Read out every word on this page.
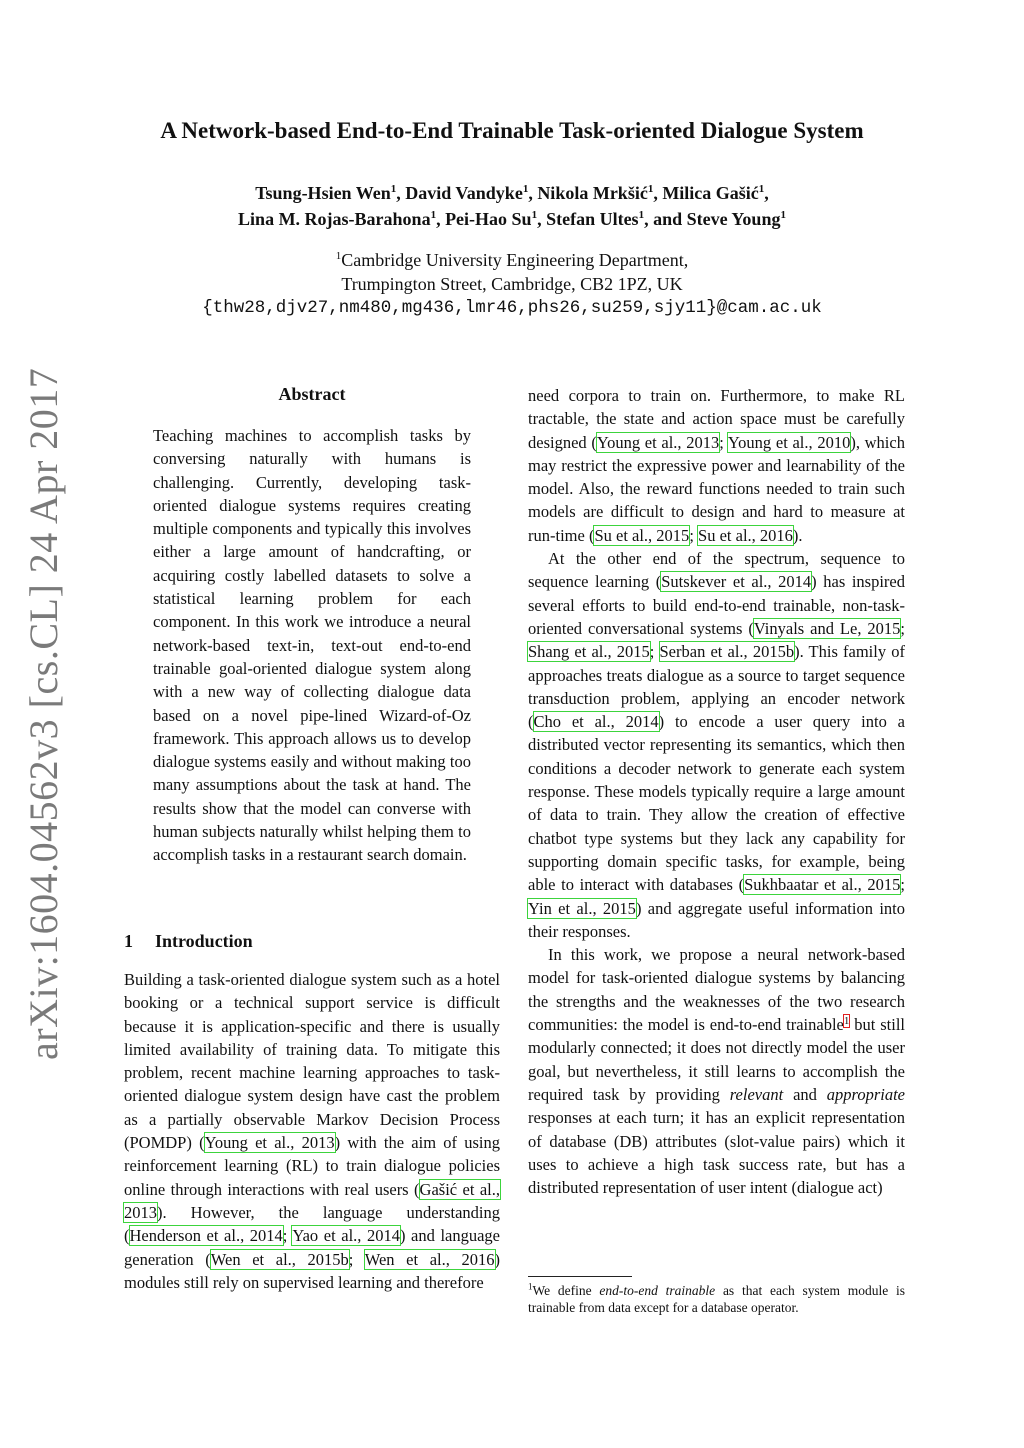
arXiv:1604.04562v3 [cs.CL] 24 Apr 2017
A Network-based End-to-End Trainable Task-oriented Dialogue System
Tsung-Hsien Wen$^1$, David Vandyke$^1$, Nikola Mrkšić$^1$, Milica Gašić$^1$,
Lina M. Rojas-Barahona$^1$, Pei-Hao Su$^1$, Stefan Ultes$^1$, and Steve Young$^1$
$^1$Cambridge University Engineering Department,
Trumpington Street, Cambridge, CB2 1PZ, UK
{thw28,djv27,nm480,mg436,lmr46,phs26,su259,sjy11}@cam.ac.uk
Abstract

Teaching machines to accomplish tasks by conversing naturally with humans is challenging. Currently, developing task-oriented dialogue systems requires creating multiple components and typically this involves either a large amount of handcrafting, or acquiring costly labelled datasets to solve a statistical learning problem for each component. In this work we introduce a neural network-based text-in, text-out end-to-end trainable goal-oriented dialogue system along with a new way of collecting dialogue data based on a novel pipe-lined Wizard-of-Oz framework. This approach allows us to develop dialogue systems easily and without making too many assumptions about the task at hand. The results show that the model can converse with human subjects naturally whilst helping them to accomplish tasks in a restaurant search domain.

1 Introduction

Building a task-oriented dialogue system such as a hotel booking or a technical support service is difficult because it is application-specific and there is usually limited availability of training data. To mitigate this problem, recent machine learning approaches to task-oriented dialogue system design have cast the problem as a partially observable Markov Decision Process (POMDP) (Young et al., 2013) with the aim of using reinforcement learning (RL) to train dialogue policies online through interactions with real users (Gašić et al., 2013). However, the language understanding (Henderson et al., 2014; Yao et al., 2014) and language generation (Wen et al., 2015b; Wen et al., 2016) modules still rely on supervised learning and therefore

need corpora to train on. Furthermore, to make RL tractable, the state and action space must be carefully designed (Young et al., 2013; Young et al., 2010), which may restrict the expressive power and learnability of the model. Also, the reward functions needed to train such models are difficult to design and hard to measure at run-time (Su et al., 2015; Su et al., 2016).

At the other end of the spectrum, sequence to sequence learning (Sutskever et al., 2014) has inspired several efforts to build end-to-end trainable, non-task-oriented conversational systems (Vinyals and Le, 2015; Shang et al., 2015; Serban et al., 2015b). This family of approaches treats dialogue as a source to target sequence transduction problem, applying an encoder network (Cho et al., 2014) to encode a user query into a distributed vector representing its semantics, which then conditions a decoder network to generate each system response. These models typically require a large amount of data to train. They allow the creation of effective chatbot type systems but they lack any capability for supporting domain specific tasks, for example, being able to interact with databases (Sukhbaatar et al., 2015; Yin et al., 2015) and aggregate useful information into their responses.

In this work, we propose a neural network-based model for task-oriented dialogue systems by balancing the strengths and the weaknesses of the two research communities: the model is end-to-end trainable$^1$ but still modularly connected; it does not directly model the user goal, but nevertheless, it still learns to accomplish the required task by providing relevant and appropriate responses at each turn; it has an explicit representation of database (DB) attributes (slot-value pairs) which it uses to achieve a high task success rate, but has a distributed representation of user intent (dialogue act)

$^1$We define end-to-end trainable as that each system module is trainable from data except for a database operator.
